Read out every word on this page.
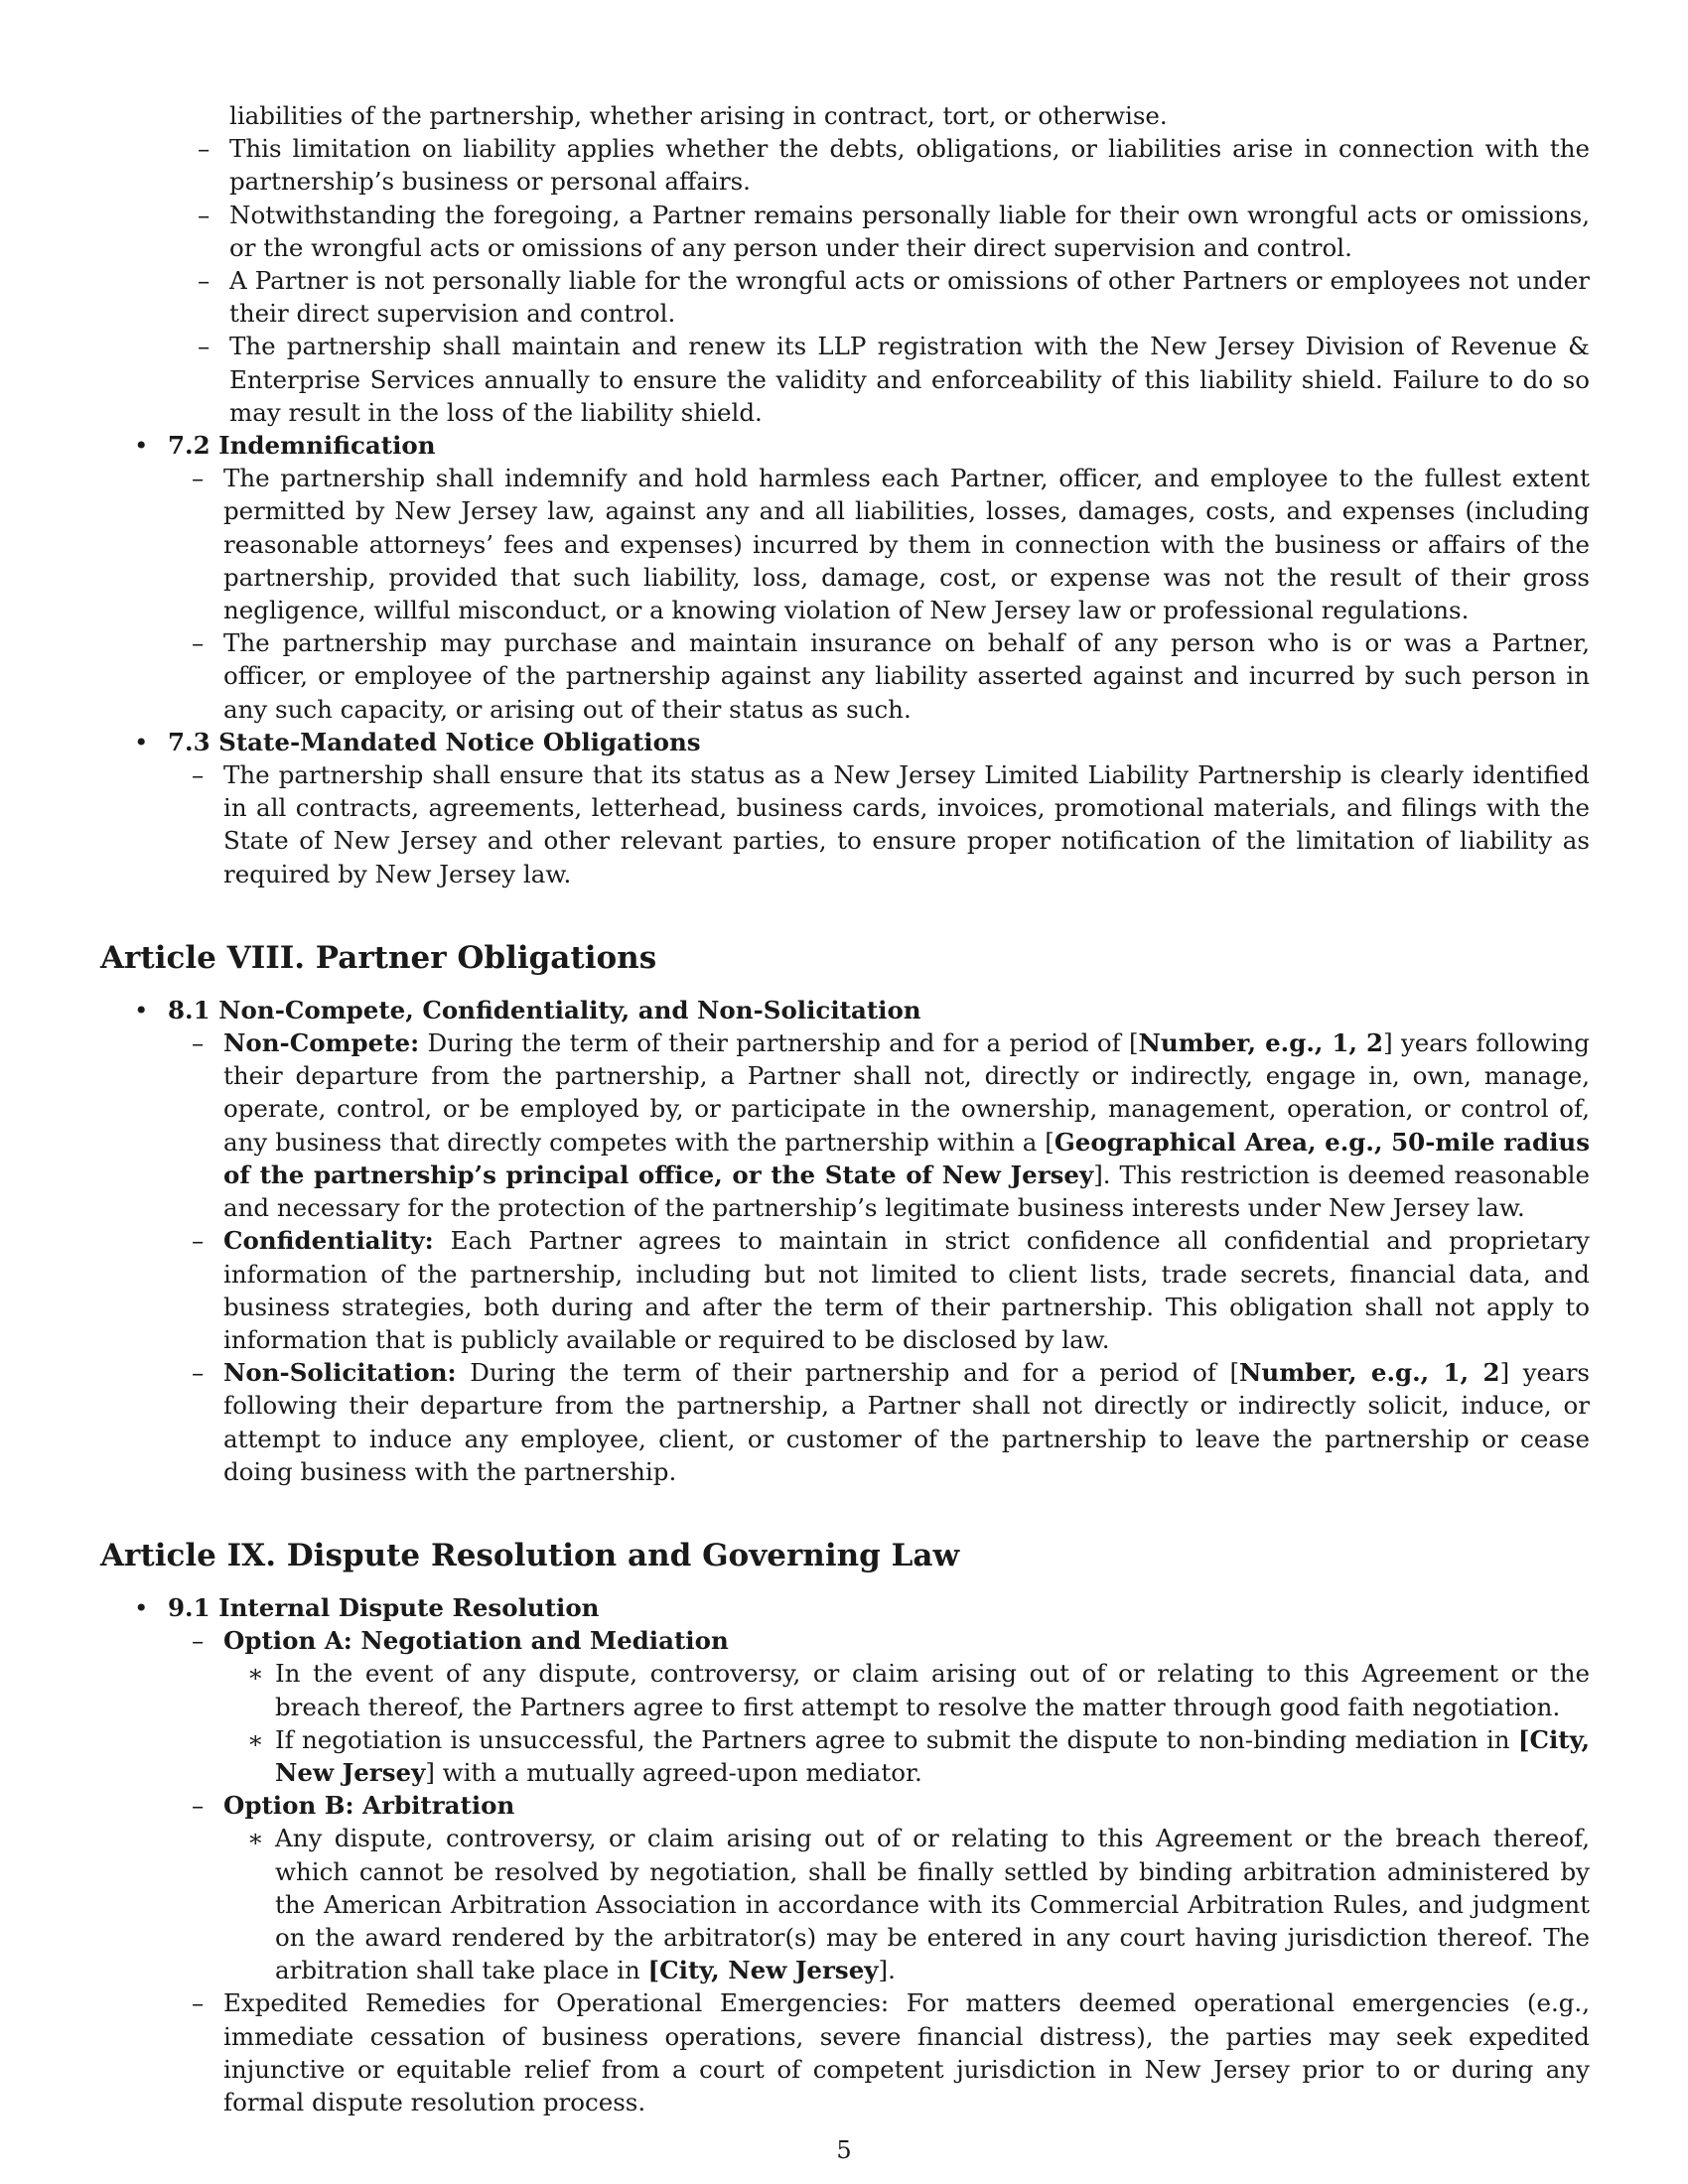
liabilities of the partnership, whether arising in contract, tort, or otherwise.

– This limitation on liability applies whether the debts, obligations, or liabilities arise in connection with the partnership’s business or personal affairs.
– Notwithstanding the foregoing, a Partner remains personally liable for their own wrongful acts or omissions, or the wrongful acts or omissions of any person under their direct supervision and control.
– A Partner is not personally liable for the wrongful acts or omissions of other Partners or employees not under their direct supervision and control.
– The partnership shall maintain and renew its LLP registration with the New Jersey Division of Revenue & Enterprise Services annually to ensure the validity and enforceability of this liability shield. Failure to do so may result in the loss of the liability shield.
• 7.2 Indemnification
– The partnership shall indemnify and hold harmless each Partner, officer, and employee to the fullest extent permitted by New Jersey law, against any and all liabilities, losses, damages, costs, and expenses (including reasonable attorneys’ fees and expenses) incurred by them in connection with the business or affairs of the partnership, provided that such liability, loss, damage, cost, or expense was not the result of their gross negligence, willful misconduct, or a knowing violation of New Jersey law or professional regulations.
– The partnership may purchase and maintain insurance on behalf of any person who is or was a Partner, officer, or employee of the partnership against any liability asserted against and incurred by such person in any such capacity, or arising out of their status as such.
• 7.3 State-Mandated Notice Obligations
– The partnership shall ensure that its status as a New Jersey Limited Liability Partnership is clearly identified in all contracts, agreements, letterhead, business cards, invoices, promotional materials, and filings with the State of New Jersey and other relevant parties, to ensure proper notification of the limitation of liability as required by New Jersey law.
Article VIII. Partner Obligations
• 8.1 Non-Compete, Confidentiality, and Non-Solicitation
– Non-Compete: During the term of their partnership and for a period of [Number, e.g., 1, 2] years following their departure from the partnership, a Partner shall not, directly or indirectly, engage in, own, manage, operate, control, or be employed by, or participate in the ownership, management, operation, or control of, any business that directly competes with the partnership within a [Geographical Area, e.g., 50-mile radius of the partnership’s principal office, or the State of New Jersey]. This restriction is deemed reasonable and necessary for the protection of the partnership’s legitimate business interests under New Jersey law.
– Confidentiality: Each Partner agrees to maintain in strict confidence all confidential and proprietary information of the partnership, including but not limited to client lists, trade secrets, financial data, and business strategies, both during and after the term of their partnership. This obligation shall not apply to information that is publicly available or required to be disclosed by law.
– Non-Solicitation: During the term of their partnership and for a period of [Number, e.g., 1, 2] years following their departure from the partnership, a Partner shall not directly or indirectly solicit, induce, or attempt to induce any employee, client, or customer of the partnership to leave the partnership or cease doing business with the partnership.
Article IX. Dispute Resolution and Governing Law
• 9.1 Internal Dispute Resolution
– Option A: Negotiation and Mediation
∗ In the event of any dispute, controversy, or claim arising out of or relating to this Agreement or the breach thereof, the Partners agree to first attempt to resolve the matter through good faith negotiation.
∗ If negotiation is unsuccessful, the Partners agree to submit the dispute to non-binding mediation in [City, New Jersey] with a mutually agreed-upon mediator.
– Option B: Arbitration
∗ Any dispute, controversy, or claim arising out of or relating to this Agreement or the breach thereof, which cannot be resolved by negotiation, shall be finally settled by binding arbitration administered by the American Arbitration Association in accordance with its Commercial Arbitration Rules, and judgment on the award rendered by the arbitrator(s) may be entered in any court having jurisdiction thereof. The arbitration shall take place in [City, New Jersey].
– Expedited Remedies for Operational Emergencies: For matters deemed operational emergencies (e.g., immediate cessation of business operations, severe financial distress), the parties may seek expedited injunctive or equitable relief from a court of competent jurisdiction in New Jersey prior to or during any formal dispute resolution process.
5
